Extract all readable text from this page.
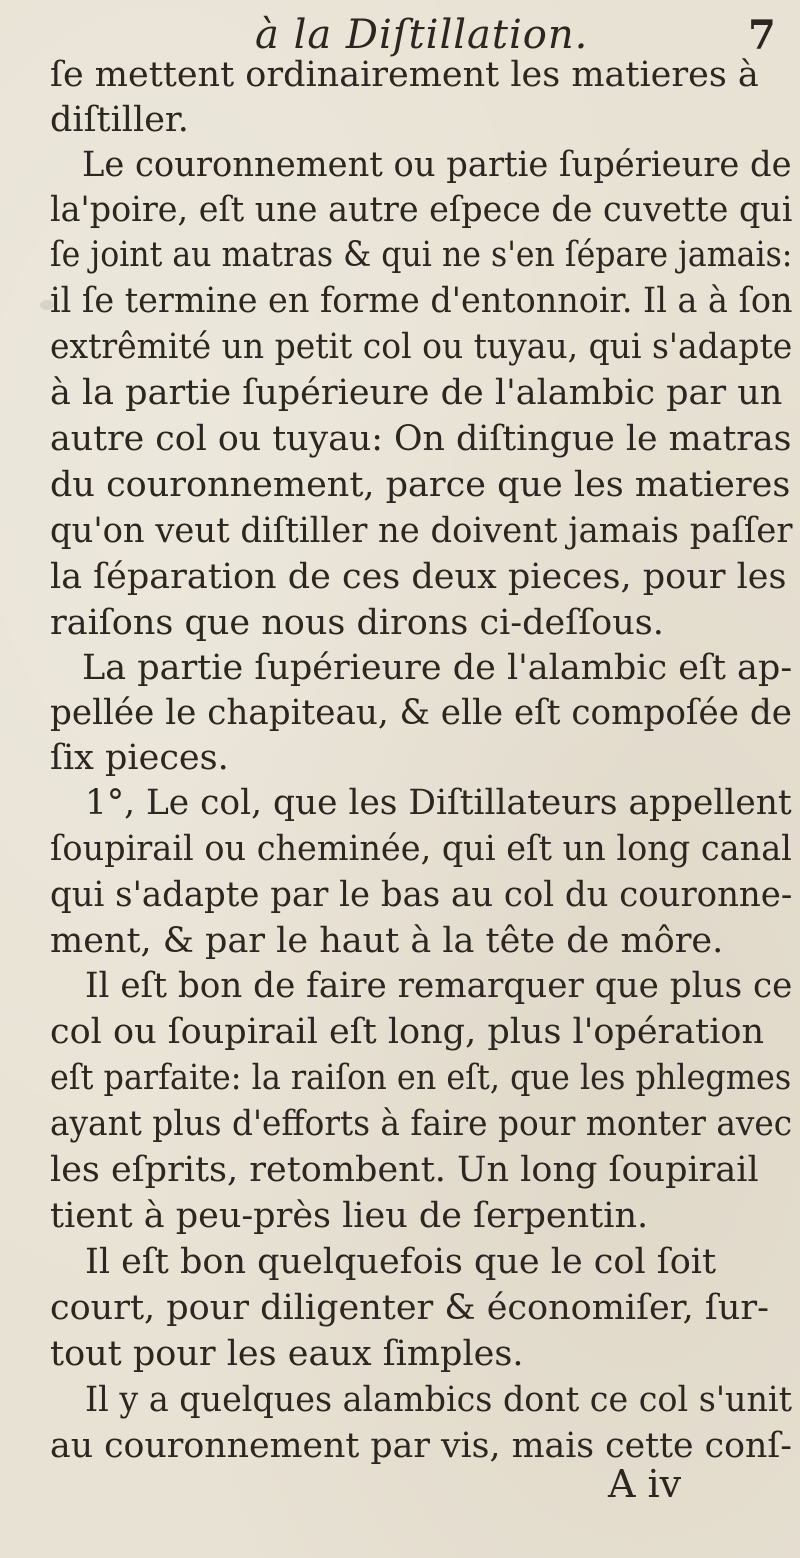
à la Diſtillation.	7
ſe mettent ordinairement les matieres à
diſtiller.
Le couronnement ou partie ſupérieure de
la'poire, eſt une autre eſpece de cuvette qui
ſe joint au matras & qui ne s'en ſépare jamais:
il ſe termine en forme d'entonnoir. Il a à ſon
extrêmité un petit col ou tuyau, qui s'adapte
à la partie ſupérieure de l'alambic par un
autre col ou tuyau: On diſtingue le matras
du couronnement, parce que les matieres
qu'on veut diſtiller ne doivent jamais paſſer
la ſéparation de ces deux pieces, pour les
raiſons que nous dirons ci-deſſous.
La partie ſupérieure de l'alambic eſt ap-
pellée le chapiteau, & elle eſt compoſée de
ſix pieces.
1°, Le col, que les Diſtillateurs appellent
ſoupirail ou cheminée, qui eſt un long canal
qui s'adapte par le bas au col du couronne-
ment, & par le haut à la tête de môre.
Il eſt bon de faire remarquer que plus ce
col ou ſoupirail eſt long, plus l'opération
eſt parfaite: la raiſon en eſt, que les phlegmes
ayant plus d'efforts à faire pour monter avec
les eſprits, retombent. Un long ſoupirail
tient à peu-près lieu de ſerpentin.
Il eſt bon quelquefois que le col ſoit
court, pour diligenter & économiſer, ſur-
tout pour les eaux ſimples.
Il y a quelques alambics dont ce col s'unit
au couronnement par vis, mais cette conſ-
A iv
